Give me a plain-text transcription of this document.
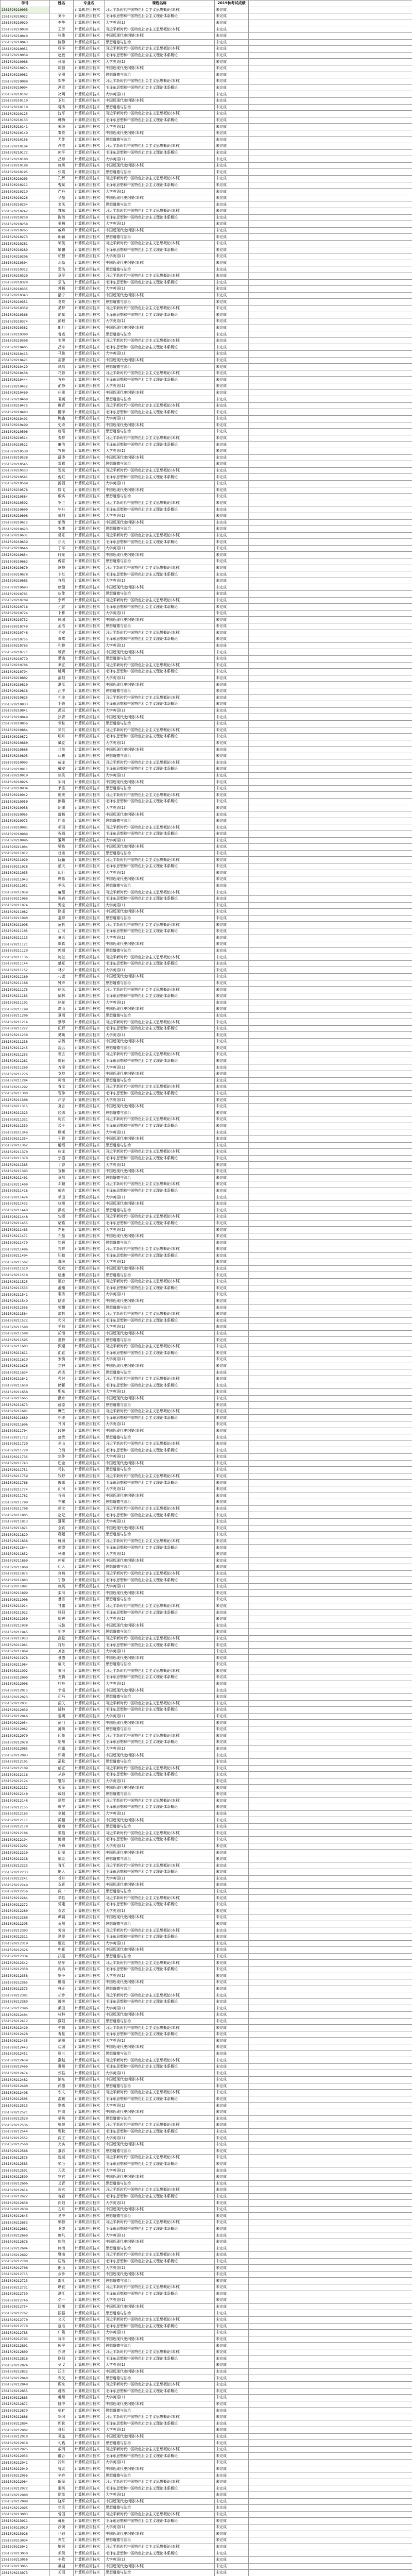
学号	姓名	专业名	课程名称	2019秋考试成绩		
2361020210003		计算机应用技术	习近平新时代中国特色社会主义思想概论(本科)	未完成		
2361020210022	刘小	计算机应用技术	毛泽东思想和中国特色社会主义理论体系概论	未完成		
2361020210029	李华	计算机应用技术	大学英语(1)	未完成		
2361020210038	王芳	计算机应用技术	习近平新时代中国特色社会主义思想概论(本科)	未完成		
2361020210040	张伟	计算机应用技术	中国近现代史纲要(本科)	未完成		
2361020210043	陈静	计算机应用技术	思想道德与法治	未完成		
2361020210051	杨洋	计算机应用技术	习近平新时代中国特色社会主义思想概论(本科)	未完成		
2361020210059	赵敏	计算机应用技术	毛泽东思想和中国特色社会主义理论体系概论	未完成		
2361020210066	孙丽	计算机应用技术	大学英语(1)	未完成		
2361020210074	周强	计算机应用技术	中国近现代史纲要(本科)	未完成		
2361020210081	吴刚	计算机应用技术	思想道德与法治	未完成		
2361020210089	郑华	计算机应用技术	习近平新时代中国特色社会主义思想概论(本科)	未完成		
2361020210094	冯雪	计算机应用技术	毛泽东思想和中国特色社会主义理论体系概论	未完成		
2361020210102	褚明	计算机应用技术	大学英语(1)	未完成		
2361020210110	卫红	计算机应用技术	中国近现代史纲要(本科)	未完成		
2361020210118	蒋涛	计算机应用技术	思想道德与法治	未完成		
2361020210125	沈军	计算机应用技术	习近平新时代中国特色社会主义思想概论(本科)	未完成		
2361020210133	韩梅	计算机应用技术	毛泽东思想和中国特色社会主义理论体系概论	未完成		
2361020210141	朱琳	计算机应用技术	大学英语(1)	未完成		
2361020210149	秦亮	计算机应用技术	中国近现代史纲要(本科)	未完成		
2361020210156	尤佳	计算机应用技术	思想道德与法治	未完成		
2361020210164	许杰	计算机应用技术	习近平新时代中国特色社会主义思想概论(本科)	未完成		
2361020210172	何平	计算机应用技术	毛泽东思想和中国特色社会主义理论体系概论	未完成		
2361020210180	吕婷	计算机应用技术	大学英语(1)	未完成		
2361020210188	施勇	计算机应用技术	中国近现代史纲要(本科)	未完成		
2361020210195	张霞	计算机应用技术	思想道德与法治	未完成		
2361020210203	孔辉	计算机应用技术	习近平新时代中国特色社会主义思想概论(本科)	未完成		
2361020210211	曹斌	计算机应用技术	毛泽东思想和中国特色社会主义理论体系概论	未完成		
2361020210219	严丹	计算机应用技术	大学英语(1)	未完成		
2361020210226	华磊	计算机应用技术	中国近现代史纲要(本科)	未完成		
2361020210234	金凤	计算机应用技术	思想道德与法治	未完成		
2361020210242	魏东	计算机应用技术	习近平新时代中国特色社会主义思想概论(本科)	未完成		
2361020210250	陶然	计算机应用技术	毛泽东思想和中国特色社会主义理论体系概论	未完成		
2361020210258	姜楠	计算机应用技术	大学英语(1)	未完成		
2361020210265	戚峰	计算机应用技术	中国近现代史纲要(本科)	未完成		
2361020210273	谢颖	计算机应用技术	思想道德与法治	未完成		
2361020210281	邹凯	计算机应用技术	习近平新时代中国特色社会主义思想概论(本科)	未完成		
2361020210289	喻鹏	计算机应用技术	毛泽东思想和中国特色社会主义理论体系概论	未完成		
2361020210296	柏慧	计算机应用技术	大学英语(1)	未完成		
2361020210304	水晶	计算机应用技术	中国近现代史纲要(本科)	未完成		
2361020210312	窦浩	计算机应用技术	思想道德与法治	未完成		
2361020210320	章萍	计算机应用技术	习近平新时代中国特色社会主义思想概论(本科)	未完成		
2361020210328	云飞	计算机应用技术	毛泽东思想和中国特色社会主义理论体系概论	未完成		
2361020210335	苏畅	计算机应用技术	大学英语(1)	未完成		
2361020210343	潘宁	计算机应用技术	中国近现代史纲要(本科)	未完成		
2361020210351	葛亮	计算机应用技术	思想道德与法治	未完成		
2361020210359	奚梦	计算机应用技术	习近平新时代中国特色社会主义思想概论(本科)	未完成		
2361020210366	范斌	计算机应用技术	毛泽东思想和中国特色社会主义理论体系概论	未完成		
2361020210374	彭程	计算机应用技术	大学英语(1)	未完成		
2361020210382	郎月	计算机应用技术	中国近现代史纲要(本科)	未完成		
2361020210390	鲁威	计算机应用技术	思想道德与法治	未完成		
2361020210398	韦琪	计算机应用技术	习近平新时代中国特色社会主义思想概论(本科)	未完成		
2361020210405	昌宇	计算机应用技术	毛泽东思想和中国特色社会主义理论体系概论	未完成		
2361020210413	马骏	计算机应用技术	大学英语(1)	未完成		
2361020210421	苗蕾	计算机应用技术	中国近现代史纲要(本科)	未完成		
2361020210429	凤鸣	计算机应用技术	思想道德与法治	未完成		
2361020210436	花蓉	计算机应用技术	习近平新时代中国特色社会主义思想概论(本科)	未完成		
2361020210444	方舟	计算机应用技术	毛泽东思想和中国特色社会主义理论体系概论	未完成		
2361020210452	俞静	计算机应用技术	大学英语(1)	未完成		
2361020210460	任重	计算机应用技术	中国近现代史纲要(本科)	未完成		
2361020210468	袁媛	计算机应用技术	思想道德与法治	未完成		
2361020210475	柳青	计算机应用技术	习近平新时代中国特色社会主义思想概论(本科)	未完成		
2361020210483	酆泽	计算机应用技术	毛泽东思想和中国特色社会主义理论体系概论	未完成		
2361020210491	鲍鑫	计算机应用技术	大学英语(1)	未完成		
2361020210499	史诗	计算机应用技术	中国近现代史纲要(本科)	未完成		
2361020210506	唐瑶	计算机应用技术	思想道德与法治	未完成		
2361020210514	费祥	计算机应用技术	习近平新时代中国特色社会主义思想概论(本科)	未完成		
2361020210522	廉洁	计算机应用技术	毛泽东思想和中国特色社会主义理论体系概论	未完成		
2361020210530	岑晨	计算机应用技术	大学英语(1)	未完成		
2361020210538	薛涛	计算机应用技术	中国近现代史纲要(本科)	未完成		
2361020210545	雷霆	计算机应用技术	思想道德与法治	未完成		
2361020210553	贺岚	计算机应用技术	习近平新时代中国特色社会主义思想概论(本科)	未完成		
2361020210561	倪虹	计算机应用技术	毛泽东思想和中国特色社会主义理论体系概论	未完成		
2361020210569	汤圆	计算机应用技术	大学英语(1)	未完成		
2361020210576	滕飞	计算机应用技术	中国近现代史纲要(本科)	未完成		
2361020210584	殷实	计算机应用技术	思想道德与法治	未完成		
2361020210592	罗兰	计算机应用技术	习近平新时代中国特色社会主义思想概论(本科)	未完成		
2361020210600	毕升	计算机应用技术	毛泽东思想和中国特色社会主义理论体系概论	未完成		
2361020210608	郝帅	计算机应用技术	大学英语(1)	未完成		
2361020210615	邬倩	计算机应用技术	中国近现代史纲要(本科)	未完成		
2361020210623	安康	计算机应用技术	思想道德与法治	未完成		
2361020210631	常乐	计算机应用技术	习近平新时代中国特色社会主义思想概论(本科)	未完成		
2361020210639	乐天	计算机应用技术	毛泽东思想和中国特色社会主义理论体系概论	未完成		
2361020210646	于洋	计算机应用技术	大学英语(1)	未完成		
2361020210654	时光	计算机应用技术	中国近现代史纲要(本科)	未完成		
2361020210662	傅雷	计算机应用技术	思想道德与法治	未完成		
2361020210670	皮特	计算机应用技术	习近平新时代中国特色社会主义思想概论(本科)	未完成		
2361020210678	卞红	计算机应用技术	毛泽东思想和中国特色社会主义理论体系概论	未完成		
2361020210685	齐鸣	计算机应用技术	大学英语(1)	未完成		
2361020210693	康健	计算机应用技术	中国近现代史纲要(本科)	未完成		
2361020210701	伍佳	计算机应用技术	思想道德与法治	未完成		
2361020210709	余晖	计算机应用技术	习近平新时代中国特色社会主义思想概论(本科)	未完成		
2361020210716	元宵	计算机应用技术	毛泽东思想和中国特色社会主义理论体系概论	未完成		
2361020210724	卜算	计算机应用技术	大学英语(1)	未完成		
2361020210732	顾城	计算机应用技术	中国近现代史纲要(本科)	未完成		
2361020210740	孟浩	计算机应用技术	思想道德与法治	未完成		
2361020210748	平安	计算机应用技术	习近平新时代中国特色社会主义思想概论(本科)	未完成		
2361020210755	黄莺	计算机应用技术	毛泽东思想和中国特色社会主义理论体系概论	未完成		
2361020210763	和睦	计算机应用技术	大学英语(1)	未完成		
2361020210771	穆青	计算机应用技术	中国近现代史纲要(本科)	未完成		
2361020210779	萧逸	计算机应用技术	思想道德与法治	未完成		
2361020210786	尹正	计算机应用技术	习近平新时代中国特色社会主义思想概论(本科)	未完成		
2361020210794	姚明	计算机应用技术	毛泽东思想和中国特色社会主义理论体系概论	未完成		
2361020210802	邵阳	计算机应用技术	大学英语(1)	未完成		
2361020210810	湛蓝	计算机应用技术	中国近现代史纲要(本科)	未完成		
2361020210818	汪洋	计算机应用技术	思想道德与法治	未完成		
2361020210825	祁连	计算机应用技术	习近平新时代中国特色社会主义思想概论(本科)	未完成		
2361020210833	毛毅	计算机应用技术	毛泽东思想和中国特色社会主义理论体系概论	未完成		
2361020210841	禹辰	计算机应用技术	大学英语(1)	未完成		
2361020210849	狄青	计算机应用技术	中国近现代史纲要(本科)	未完成		
2361020210856	米粒	计算机应用技术	思想道德与法治	未完成		
2361020210864	贝贝	计算机应用技术	习近平新时代中国特色社会主义思想概论(本科)	未完成		
2361020210872	明月	计算机应用技术	毛泽东思想和中国特色社会主义理论体系概论	未完成		
2361020210880	臧克	计算机应用技术	大学英语(1)	未完成		
2361020210888	计然	计算机应用技术	中国近现代史纲要(本科)	未完成		
2361020210895	伏羲	计算机应用技术	思想道德与法治	未完成		
2361020210903	成龙	计算机应用技术	习近平新时代中国特色社会主义思想概论(本科)	未完成		
2361020210911	戴安	计算机应用技术	毛泽东思想和中国特色社会主义理论体系概论	未完成		
2361020210919	谈笑	计算机应用技术	大学英语(1)	未完成		
2361020210926	宋词	计算机应用技术	中国近现代史纲要(本科)	未完成		
2361020210934	茅盾	计算机应用技术	思想道德与法治	未完成		
2361020210942	庞统	计算机应用技术	习近平新时代中国特色社会主义思想概论(本科)	未完成		
2361020210950	熊猫	计算机应用技术	毛泽东思想和中国特色社会主义理论体系概论	未完成		
2361020210958	纪律	计算机应用技术	大学英语(1)	未完成		
2361020210965	舒畅	计算机应用技术	中国近现代史纲要(本科)	未完成		
2361020210973	屈原	计算机应用技术	思想道德与法治	未完成		
2361020210981	项羽	计算机应用技术	习近平新时代中国特色社会主义思想概论(本科)	未完成		
2361020210989	祝福	计算机应用技术	毛泽东思想和中国特色社会主义理论体系概论	未完成		
2361020210996	董卿	计算机应用技术	大学英语(1)	未完成		
2361020211004	梁栋	计算机应用技术	中国近现代史纲要(本科)	未完成		
2361020211012	杜甫	计算机应用技术	思想道德与法治	未完成		
2361020211020	阮籍	计算机应用技术	习近平新时代中国特色社会主义思想概论(本科)	未完成		
2361020211028	蓝天	计算机应用技术	毛泽东思想和中国特色社会主义理论体系概论	未完成		
2361020211035	闵行	计算机应用技术	大学英语(1)	未完成		
2361020211043	席慕	计算机应用技术	中国近现代史纲要(本科)	未完成		
2361020211051	季风	计算机应用技术	思想道德与法治	未完成		
2361020211059	麻薇	计算机应用技术	习近平新时代中国特色社会主义思想概论(本科)	未完成		
2361020211066	强森	计算机应用技术	毛泽东思想和中国特色社会主义理论体系概论	未完成		
2361020211074	贾宝	计算机应用技术	大学英语(1)	未完成		
2361020211082	路遥	计算机应用技术	中国近现代史纲要(本科)	未完成		
2361020211090	娄烨	计算机应用技术	思想道德与法治	未完成		
2361020211098	危机	计算机应用技术	习近平新时代中国特色社会主义思想概论(本科)	未完成		
2361020211105	江河	计算机应用技术	毛泽东思想和中国特色社会主义理论体系概论	未完成		
2361020211113	童话	计算机应用技术	大学英语(1)	未完成		
2361020211121	颜真	计算机应用技术	中国近现代史纲要(本科)	未完成		
2361020211129	郭靖	计算机应用技术	思想道德与法治	未完成		
2361020211136	梅兰	计算机应用技术	习近平新时代中国特色社会主义思想概论(本科)	未完成		
2361020211144	盛夏	计算机应用技术	毛泽东思想和中国特色社会主义理论体系概论	未完成		
2361020211152	林夕	计算机应用技术	大学英语(1)	未完成		
2361020211160	刁蛮	计算机应用技术	中国近现代史纲要(本科)	未完成		
2361020211168	钟声	计算机应用技术	思想道德与法治	未完成		
2361020211175	徐风	计算机应用技术	习近平新时代中国特色社会主义思想概论(本科)	未完成		
2361020211183	邱林	计算机应用技术	毛泽东思想和中国特色社会主义理论体系概论	未完成		
2361020211191	骆驼	计算机应用技术	大学英语(1)	未完成		
2361020211199	高山	计算机应用技术	中国近现代史纲要(本科)	未完成		
2361020211206	夏雨	计算机应用技术	思想道德与法治	未完成		
2361020211214	蔡琴	计算机应用技术	习近平新时代中国特色社会主义思想概论(本科)	未完成		
2361020211222	田野	计算机应用技术	毛泽东思想和中国特色社会主义理论体系概论	未完成		
2361020211230	樊篱	计算机应用技术	大学英语(1)	未完成		
2361020211238	胡杨	计算机应用技术	中国近现代史纲要(本科)	未完成		
2361020211245	凌云	计算机应用技术	思想道德与法治	未完成		
2361020211253	霍去	计算机应用技术	习近平新时代中国特色社会主义思想概论(本科)	未完成		
2361020211261	虞姬	计算机应用技术	毛泽东思想和中国特色社会主义理论体系概论	未完成		
2361020211269	万里	计算机应用技术	大学英语(1)	未完成		
2361020211276	支持	计算机应用技术	中国近现代史纲要(本科)	未完成		
2361020211284	柯南	计算机应用技术	思想道德与法治	未完成		
2361020211292	昝文	计算机应用技术	习近平新时代中国特色社会主义思想概论(本科)	未完成		
2361020211300	管仲	计算机应用技术	毛泽东思想和中国特色社会主义理论体系概论	未完成		
2361020211308	卢浮	计算机应用技术	大学英语(1)	未完成		
2361020211315	莫言	计算机应用技术	中国近现代史纲要(本科)	未完成		
2361020211323	经纬	计算机应用技术	思想道德与法治	未完成		
2361020211331	房玄	计算机应用技术	习近平新时代中国特色社会主义思想概论(本科)	未完成		
2361020211339	裘千	计算机应用技术	毛泽东思想和中国特色社会主义理论体系概论	未完成		
2361020211346	缪斯	计算机应用技术	大学英语(1)	未完成		
2361020211354	干将	计算机应用技术	中国近现代史纲要(本科)	未完成		
2361020211362	解缙	计算机应用技术	思想道德与法治	未完成		
2361020211370	应龙	计算机应用技术	习近平新时代中国特色社会主义思想概论(本科)	未完成		
2361020211378	宗悫	计算机应用技术	毛泽东思想和中国特色社会主义理论体系概论	未完成		
2361020211385	丁香	计算机应用技术	大学英语(1)	未完成		
2361020211393	宣和	计算机应用技术	中国近现代史纲要(本科)	未完成		
2361020211401	贲鸣	计算机应用技术	思想道德与法治	未完成		
2361020211409	邓超	计算机应用技术	习近平新时代中国特色社会主义思想概论(本科)	未完成		
2361020211416	郁达	计算机应用技术	毛泽东思想和中国特色社会主义理论体系概论	未完成		
2361020211424	单田	计算机应用技术	大学英语(1)	未完成		
2361020211432	杭州	计算机应用技术	中国近现代史纲要(本科)	未完成		
2361020211440	洪亮	计算机应用技术	思想道德与法治	未完成		
2361020211448	包拯	计算机应用技术	习近平新时代中国特色社会主义思想概论(本科)	未完成		
2361020211455	诸葛	计算机应用技术	毛泽东思想和中国特色社会主义理论体系概论	未完成		
2361020211463	左丘	计算机应用技术	大学英语(1)	未完成		
2361020211471	石磊	计算机应用技术	中国近现代史纲要(本科)	未完成		
2361020211479	崔颢	计算机应用技术	思想道德与法治	未完成		
2361020211486	吉祥	计算机应用技术	习近平新时代中国特色社会主义思想概论(本科)	未完成		
2361020211494	钮扣	计算机应用技术	毛泽东思想和中国特色社会主义理论体系概论	未完成		
2361020211502	龚琳	计算机应用技术	大学英语(1)	未完成		
2361020211510	程咬	计算机应用技术	中国近现代史纲要(本科)	未完成		
2361020211518	嵇康	计算机应用技术	思想道德与法治	未完成		
2361020211525	邢台	计算机应用技术	习近平新时代中国特色社会主义思想概论(本科)	未完成		
2361020211533	滑翔	计算机应用技术	毛泽东思想和中国特色社会主义理论体系概论	未完成		
2361020211541	裴秀	计算机应用技术	大学英语(1)	未完成		
2361020211549	陆游	计算机应用技术	中国近现代史纲要(本科)	未完成		
2361020211556	荣耀	计算机应用技术	思想道德与法治	未完成		
2361020211564	翁帆	计算机应用技术	习近平新时代中国特色社会主义思想概论(本科)	未完成		
2361020211572	荀况	计算机应用技术	毛泽东思想和中国特色社会主义理论体系概论	未完成		
2361020211580	羊祜	计算机应用技术	大学英语(1)	未完成		
2361020211588	於潜	计算机应用技术	中国近现代史纲要(本科)	未完成		
2361020211595	惠特	计算机应用技术	思想道德与法治	未完成		
2361020211603	甄嬛	计算机应用技术	习近平新时代中国特色社会主义思想概论(本科)	未完成		
2361020211611	曲直	计算机应用技术	毛泽东思想和中国特色社会主义理论体系概论	未完成		
2361020211619	家驹	计算机应用技术	大学英语(1)	未完成		
2361020211626	封神	计算机应用技术	中国近现代史纲要(本科)	未完成		
2361020211634	芮成	计算机应用技术	思想道德与法治	未完成		
2361020211642	羿射	计算机应用技术	习近平新时代中国特色社会主义思想概论(本科)	未完成		
2361020211650	储蓄	计算机应用技术	毛泽东思想和中国特色社会主义理论体系概论	未完成		
2361020211658	靳东	计算机应用技术	大学英语(1)	未完成		
2361020211665	汲水	计算机应用技术	中国近现代史纲要(本科)	未完成		
2361020211673	邴原	计算机应用技术	思想道德与法治	未完成		
2361020211681	糜竺	计算机应用技术	习近平新时代中国特色社会主义思想概论(本科)	未完成		
2361020211689	松涛	计算机应用技术	毛泽东思想和中国特色社会主义理论体系概论	未完成		
2361020211696	井冈	计算机应用技术	大学英语(1)	未完成		
2361020211704	段誉	计算机应用技术	中国近现代史纲要(本科)	未完成		
2361020211712	富贵	计算机应用技术	思想道德与法治	未完成		
2361020211720	巫山	计算机应用技术	习近平新时代中国特色社会主义思想概论(本科)	未完成		
2361020211728	乌镇	计算机应用技术	毛泽东思想和中国特色社会主义理论体系概论	未完成		
2361020211735	焦作	计算机应用技术	大学英语(1)	未完成		
2361020211743	巴金	计算机应用技术	中国近现代史纲要(本科)	未完成		
2361020211751	弓长	计算机应用技术	思想道德与法治	未完成		
2361020211759	牧野	计算机应用技术	习近平新时代中国特色社会主义思想概论(本科)	未完成		
2361020211766	隗嚣	计算机应用技术	毛泽东思想和中国特色社会主义理论体系概论	未完成		
2361020211774	山河	计算机应用技术	大学英语(1)	未完成		
2361020211782	谷雨	计算机应用技术	中国近现代史纲要(本科)	未完成		
2361020211790	车辙	计算机应用技术	思想道德与法治	未完成		
2361020211798	侯宝	计算机应用技术	习近平新时代中国特色社会主义思想概论(本科)	未完成		
2361020211805	宓妃	计算机应用技术	毛泽东思想和中国特色社会主义理论体系概论	未完成		
2361020211813	蓬莱	计算机应用技术	大学英语(1)	未完成		
2361020211821	全真	计算机应用技术	中国近现代史纲要(本科)	未完成		
2361020211829	郗超	计算机应用技术	思想道德与法治	未完成		
2361020211836	班固	计算机应用技术	习近平新时代中国特色社会主义思想概论(本科)	未完成		
2361020211844	仰望	计算机应用技术	毛泽东思想和中国特色社会主义理论体系概论	未完成		
2361020211852	秋瑾	计算机应用技术	大学英语(1)	未完成		
2361020211860	仲夏	计算机应用技术	中国近现代史纲要(本科)	未完成		
2361020211868	伊人	计算机应用技术	思想道德与法治	未完成		
2361020211875	宫崎	计算机应用技术	习近平新时代中国特色社会主义思想概论(本科)	未完成		
2361020211883	宁静	计算机应用技术	毛泽东思想和中国特色社会主义理论体系概论	未完成		
2361020211891	仇英	计算机应用技术	大学英语(1)	未完成		
2361020211899	栾川	计算机应用技术	中国近现代史纲要(本科)	未完成		
2361020211906	暴雪	计算机应用技术	思想道德与法治	未完成		
2361020211914	甘露	计算机应用技术	习近平新时代中国特色社会主义思想概论(本科)	未完成		
2361020211922	钭阳	计算机应用技术	毛泽东思想和中国特色社会主义理论体系概论	未完成		
2361020211930	厉害	计算机应用技术	大学英语(1)	未完成		
2361020211938	戎装	计算机应用技术	中国近现代史纲要(本科)	未完成		
2361020211945	祖冲	计算机应用技术	思想道德与法治	未完成		
2361020211953	武松	计算机应用技术	习近平新时代中国特色社会主义思想概论(本科)	未完成		
2361020211961	符号	计算机应用技术	毛泽东思想和中国特色社会主义理论体系概论	未完成		
2361020211969	刘备	计算机应用技术	大学英语(1)	未完成		
2361020211976	景德	计算机应用技术	中国近现代史纲要(本科)	未完成		
2361020211984	詹天	计算机应用技术	思想道德与法治	未完成		
2361020211992	束河	计算机应用技术	习近平新时代中国特色社会主义思想概论(本科)	未完成		
2361020212000	龙腾	计算机应用技术	毛泽东思想和中国特色社会主义理论体系概论	未完成		
2361020212008	叶舟	计算机应用技术	大学英语(1)	未完成		
2361020212015	幸运	计算机应用技术	中国近现代史纲要(本科)	未完成		
2361020212023	司马	计算机应用技术	思想道德与法治	未完成		
2361020212031	韶关	计算机应用技术	习近平新时代中国特色社会主义思想概论(本科)	未完成		
2361020212039	郜林	计算机应用技术	毛泽东思想和中国特色社会主义理论体系概论	未完成		
2361020212046	黎明	计算机应用技术	大学英语(1)	未完成		
2361020212054	蓟门	计算机应用技术	中国近现代史纲要(本科)	未完成		
2361020212062	薄荷	计算机应用技术	思想道德与法治	未完成		
2361020212070	印象	计算机应用技术	习近平新时代中国特色社会主义思想概论(本科)	未完成		
2361020212078	宿州	计算机应用技术	毛泽东思想和中国特色社会主义理论体系概论	未完成		
2361020212085	白露	计算机应用技术	大学英语(1)	未完成		
2361020212093	怀素	计算机应用技术	中国近现代史纲要(本科)	未完成		
2361020212101	蒲松	计算机应用技术	思想道德与法治	未完成		
2361020212109	邰正	计算机应用技术	习近平新时代中国特色社会主义思想概论(本科)	未完成		
2361020212116	从容	计算机应用技术	毛泽东思想和中国特色社会主义理论体系概论	未完成		
2361020212124	鄂尔	计算机应用技术	大学英语(1)	未完成		
2361020212132	索菲	计算机应用技术	中国近现代史纲要(本科)	未完成		
2361020212140	咸阳	计算机应用技术	思想道德与法治	未完成		
2361020212148	籍贯	计算机应用技术	习近平新时代中国特色社会主义思想概论(本科)	未完成		
2361020212155	赖宁	计算机应用技术	毛泽东思想和中国特色社会主义理论体系概论	未完成		
2361020212163	卓越	计算机应用技术	大学英语(1)	未完成		
2361020212171	蔺相	计算机应用技术	中国近现代史纲要(本科)	未完成		
2361020212179	屠呦	计算机应用技术	思想道德与法治	未完成		
2361020212186	蒙恬	计算机应用技术	习近平新时代中国特色社会主义思想概论(本科)	未完成		
2361020212194	池塘	计算机应用技术	毛泽东思想和中国特色社会主义理论体系概论	未完成		
2361020212202	乔峰	计算机应用技术	大学英语(1)	未完成		
2361020212210	阴丽	计算机应用技术	中国近现代史纲要(本科)	未完成		
2361020212218	郁金	计算机应用技术	思想道德与法治	未完成		
2361020212225	胥江	计算机应用技术	习近平新时代中国特色社会主义思想概论(本科)	未完成		
2361020212233	能人	计算机应用技术	毛泽东思想和中国特色社会主义理论体系概论	未完成		
2361020212241	苍井	计算机应用技术	大学英语(1)	未完成		
2361020212249	双喜	计算机应用技术	中国近现代史纲要(本科)	未完成		
2361020212256	闻一	计算机应用技术	思想道德与法治	未完成		
2361020212264	莘县	计算机应用技术	习近平新时代中国特色社会主义思想概论(本科)	未完成		
2361020212272	党建	计算机应用技术	毛泽东思想和中国特色社会主义理论体系概论	未完成		
2361020212280	翟志	计算机应用技术	大学英语(1)	未完成		
2361020212288	谭嗣	计算机应用技术	中国近现代史纲要(本科)	未完成		
2361020212295	贡嘎	计算机应用技术	思想道德与法治	未完成		
2361020212303	劳动	计算机应用技术	习近平新时代中国特色社会主义思想概论(本科)	未完成		
2361020212311	逄蒙	计算机应用技术	毛泽东思想和中国特色社会主义理论体系概论	未完成		
2361020212319	姬发	计算机应用技术	大学英语(1)	未完成		
2361020212326	申花	计算机应用技术	中国近现代史纲要(本科)	未完成		
2361020212334	扶摇	计算机应用技术	思想道德与法治	未完成		
2361020212342	堵车	计算机应用技术	习近平新时代中国特色社会主义思想概论(本科)	未完成		
2361020212350	冉冉	计算机应用技术	毛泽东思想和中国特色社会主义理论体系概论	未完成		
2361020212358	宰予	计算机应用技术	大学英语(1)	未完成		
2361020212365	郦道	计算机应用技术	中国近现代史纲要(本科)	未完成		
2361020212373	雍正	计算机应用技术	思想道德与法治	未完成		
2361020212381	却步	计算机应用技术	习近平新时代中国特色社会主义思想概论(本科)	未完成		
2361020212389	璩美	计算机应用技术	毛泽东思想和中国特色社会主义理论体系概论	未完成		
2361020212396	桑田	计算机应用技术	大学英语(1)	未完成		
2361020212404	桂林	计算机应用技术	中国近现代史纲要(本科)	未完成		
2361020212412	濮阳	计算机应用技术	思想道德与法治	未完成		
2361020212420	牛顿	计算机应用技术	习近平新时代中国特色社会主义思想概论(本科)	未完成		
2361020212428	寿星	计算机应用技术	毛泽东思想和中国特色社会主义理论体系概论	未完成		
2361020212435	通州	计算机应用技术	大学英语(1)	未完成		
2361020212443	边城	计算机应用技术	中国近现代史纲要(本科)	未完成		
2361020212451	扈三	计算机应用技术	思想道德与法治	未完成		
2361020212459	燕赵	计算机应用技术	习近平新时代中国特色社会主义思想概论(本科)	未完成		
2361020212466	冀州	计算机应用技术	毛泽东思想和中国特色社会主义理论体系概论	未完成		
2361020212474	郏县	计算机应用技术	大学英语(1)	未完成		
2361020212482	浦东	计算机应用技术	中国近现代史纲要(本科)	未完成		
2361020212490	尚德	计算机应用技术	思想道德与法治	未完成		
2361020212498	农夫	计算机应用技术	习近平新时代中国特色社会主义思想概论(本科)	未完成		
2361020212505	温暖	计算机应用技术	毛泽东思想和中国特色社会主义理论体系概论	未完成		
2361020212513	别离	计算机应用技术	大学英语(1)	未完成		
2361020212521	庄周	计算机应用技术	中国近现代史纲要(本科)	未完成		
2361020212529	晏殊	计算机应用技术	思想道德与法治	未完成		
2361020212536	柴荣	计算机应用技术	习近平新时代中国特色社会主义思想概论(本科)	未完成		
2361020212544	瞿秋	计算机应用技术	毛泽东思想和中国特色社会主义理论体系概论	未完成		
2361020212552	阎王	计算机应用技术	大学英语(1)	未完成		
2361020212560	充实	计算机应用技术	中国近现代史纲要(本科)	未完成		
2361020212568	慕容	计算机应用技术	思想道德与法治	未完成		
2361020212575	连城	计算机应用技术	习近平新时代中国特色社会主义思想概论(本科)	未完成		
2361020212583	茹毛	计算机应用技术	毛泽东思想和中国特色社会主义理论体系概论	未完成		
2361020212591	习武	计算机应用技术	大学英语(1)	未完成		
2361020212599	宦官	计算机应用技术	中国近现代史纲要(本科)	未完成		
2361020212606	艾青	计算机应用技术	思想道德与法治	未完成		
2361020212614	鱼玄	计算机应用技术	习近平新时代中国特色社会主义思想概论(本科)	未完成		
2361020212622	容若	计算机应用技术	毛泽东思想和中国特色社会主义理论体系概论	未完成		
2361020212630	向阳	计算机应用技术	大学英语(1)	未完成		
2361020212638	古月	计算机应用技术	中国近现代史纲要(本科)	未完成		
2361020212645	易中	计算机应用技术	思想道德与法治	未完成		
2361020212653	慎独	计算机应用技术	习近平新时代中国特色社会主义思想概论(本科)	未完成		
2361020212661	戈壁	计算机应用技术	毛泽东思想和中国特色社会主义理论体系概论	未完成		
2361020212669	廖凡	计算机应用技术	大学英语(1)	未完成		
2361020212676	庾信	计算机应用技术	中国近现代史纲要(本科)	未完成		
2361020212684	终南	计算机应用技术	思想道德与法治	未完成		
2361020212692	暨南	计算机应用技术	习近平新时代中国特色社会主义思想概论(本科)	未完成		
2361020212700	居然	计算机应用技术	毛泽东思想和中国特色社会主义理论体系概论	未完成		
2361020212708	衡山	计算机应用技术	大学英语(1)	未完成		
2361020212715	步步	计算机应用技术	中国近现代史纲要(本科)	未完成		
2361020212723	都江	计算机应用技术	思想道德与法治	未完成		
2361020212731	耿直	计算机应用技术	习近平新时代中国特色社会主义思想概论(本科)	未完成		
2361020212739	满江	计算机应用技术	毛泽东思想和中国特色社会主义理论体系概论	未完成		
2361020212746	弘一	计算机应用技术	大学英语(1)	未完成		
2361020212754	匡衡	计算机应用技术	中国近现代史纲要(本科)	未完成		
2361020212762	国强	计算机应用技术	思想道德与法治	未完成		
2361020212770	文天	计算机应用技术	习近平新时代中国特色社会主义思想概论(本科)	未完成		
2361020212778	寇准	计算机应用技术	毛泽东思想和中国特色社会主义理论体系概论	未完成		
2361020212785	广陵	计算机应用技术	大学英语(1)	未完成		
2361020212793	禄丰	计算机应用技术	中国近现代史纲要(本科)	未完成		
2361020212801	阙里	计算机应用技术	思想道德与法治	未完成		
2361020212809	东坡	计算机应用技术	习近平新时代中国特色社会主义思想概论(本科)	未完成		
2361020212816	欧阳	计算机应用技术	毛泽东思想和中国特色社会主义理论体系概论	未完成		
2361020212824	殳戈	计算机应用技术	大学英语(1)	未完成		
2361020212832	沃土	计算机应用技术	中国近现代史纲要(本科)	未完成		
2361020212840	利民	计算机应用技术	思想道德与法治	未完成		
2361020212848	蔚来	计算机应用技术	习近平新时代中国特色社会主义思想概论(本科)	未完成		
2361020212855	越秀	计算机应用技术	毛泽东思想和中国特色社会主义理论体系概论	未完成		
2361020212863	夔州	计算机应用技术	大学英语(1)	未完成		
2361020212871	隆中	计算机应用技术	中国近现代史纲要(本科)	未完成		
2361020212879	师旷	计算机应用技术	思想道德与法治	未完成		
2361020212886	巩俐	计算机应用技术	习近平新时代中国特色社会主义思想概论(本科)	未完成		
2361020212894	厍狄	计算机应用技术	毛泽东思想和中国特色社会主义理论体系概论	未完成		
2361020212902	聂耳	计算机应用技术	大学英语(1)	未完成		
2361020212910	晁盖	计算机应用技术	中国近现代史纲要(本科)	未完成		
2361020212918	勾践	计算机应用技术	思想道德与法治	未完成		
2361020212925	敖丙	计算机应用技术	习近平新时代中国特色社会主义思想概论(本科)	未完成		
2361020212933	融合	计算机应用技术	毛泽东思想和中国特色社会主义理论体系概论	未完成		
2361020212941	冷月	计算机应用技术	大学英语(1)	未完成		
2361020212949	訾议	计算机应用技术	中国近现代史纲要(本科)	未完成		
2361020212956	辛弃	计算机应用技术	思想道德与法治	未完成		
2361020212964	阚泽	计算机应用技术	习近平新时代中国特色社会主义思想概论(本科)	未完成		
2361020212972	那英	计算机应用技术	毛泽东思想和中国特色社会主义理论体系概论	未完成		
2361020212980	简单	计算机应用技术	大学英语(1)	未完成		
2361020212988	饶平	计算机应用技术	中国近现代史纲要(本科)	未完成		
2361020212995	空灵	计算机应用技术	思想道德与法治	未完成		
2361020213003	曾国	计算机应用技术	习近平新时代中国特色社会主义思想概论(本科)	未完成		
2361020213011	毋丘	计算机应用技术	毛泽东思想和中国特色社会主义理论体系概论	未完成		
2361020213019	沙漠	计算机应用技术	大学英语(1)	未完成		
2361020213026	乜斜	计算机应用技术	中国近现代史纲要(本科)	未完成		
2361020213034	养生	计算机应用技术	思想道德与法治	未完成		
2361020213042	鞠躬	计算机应用技术	习近平新时代中国特色社会主义思想概论(本科)	未完成		
2361020213050	须臾	计算机应用技术	毛泽东思想和中国特色社会主义理论体系概论	未完成		
2361020213058	丰收	计算机应用技术	大学英语(1)	未完成		
2361020213065	巢湖	计算机应用技术	中国近现代史纲要(本科)	未完成		
2361020213073	关羽	计算机应用技术	思想道德与法治	未完成		
